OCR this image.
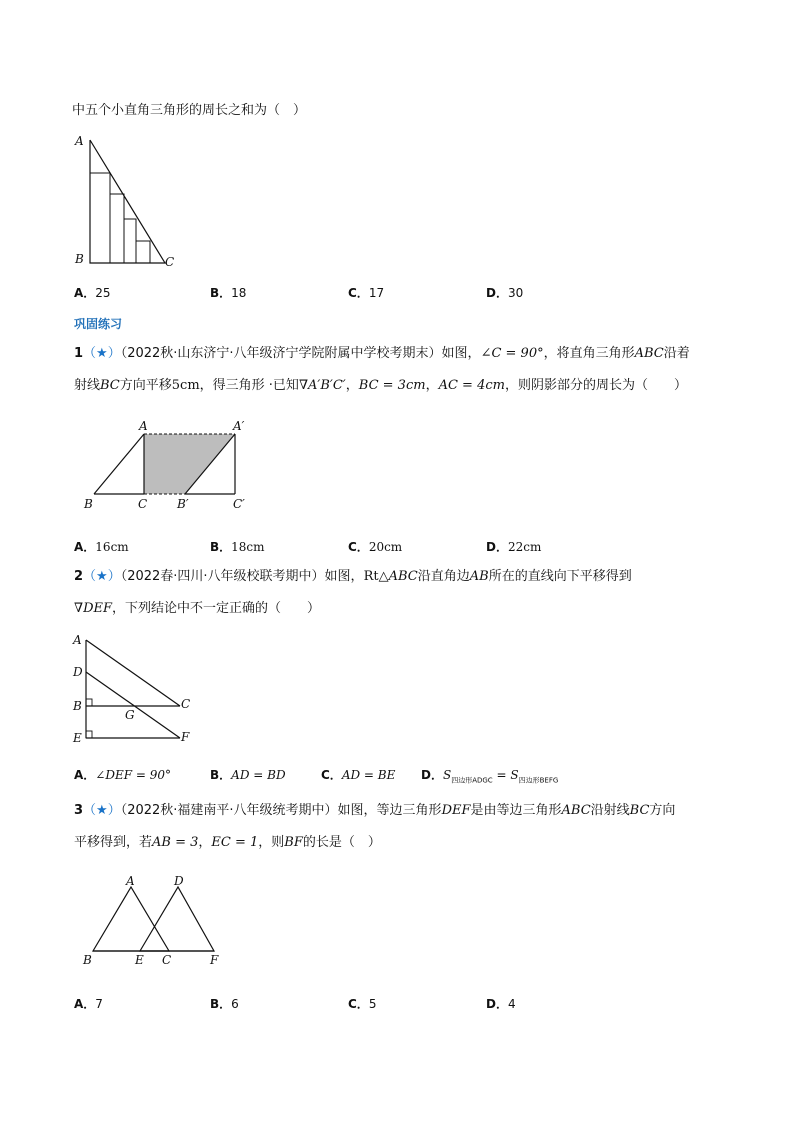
中五个小直角三角形的周长之和为（　）
A
B	C
A．25	B．18	C．17	D．30
巩固练习
1（★）（2022秋·山东济宁·八年级济宁学院附属中学校考期末）如图，∠C = 90°，将直角三角形ABC沿着
射线BC方向平移5cm，得三角形 ·已知∇A′B′C′，BC = 3cm，AC = 4cm，则阴影部分的周长为（　　）
A	A′
B	C B′	C′
A．16cm	B．18cm	C．20cm	D．22cm
2（★）（2022春·四川·八年级校联考期中）如图，Rt△ABC沿直角边AB所在的直线向下平移得到
∇DEF，下列结论中不一定正确的（　　）
A
D
B
E
C
G
F
A．∠DEF = 90°	B．AD = BD	C．AD = BE D．$S_{四边形ADGC} = S_{四边形BEFG}$
3（★）（2022秋·福建南平·八年级统考期中）如图，等边三角形DEF是由等边三角形ABC沿射线BC方向
平移得到，若AB = 3，EC = 1，则BF的长是（　）
A	D
B	E C	F
A．7	B．6	C．5	D．4
